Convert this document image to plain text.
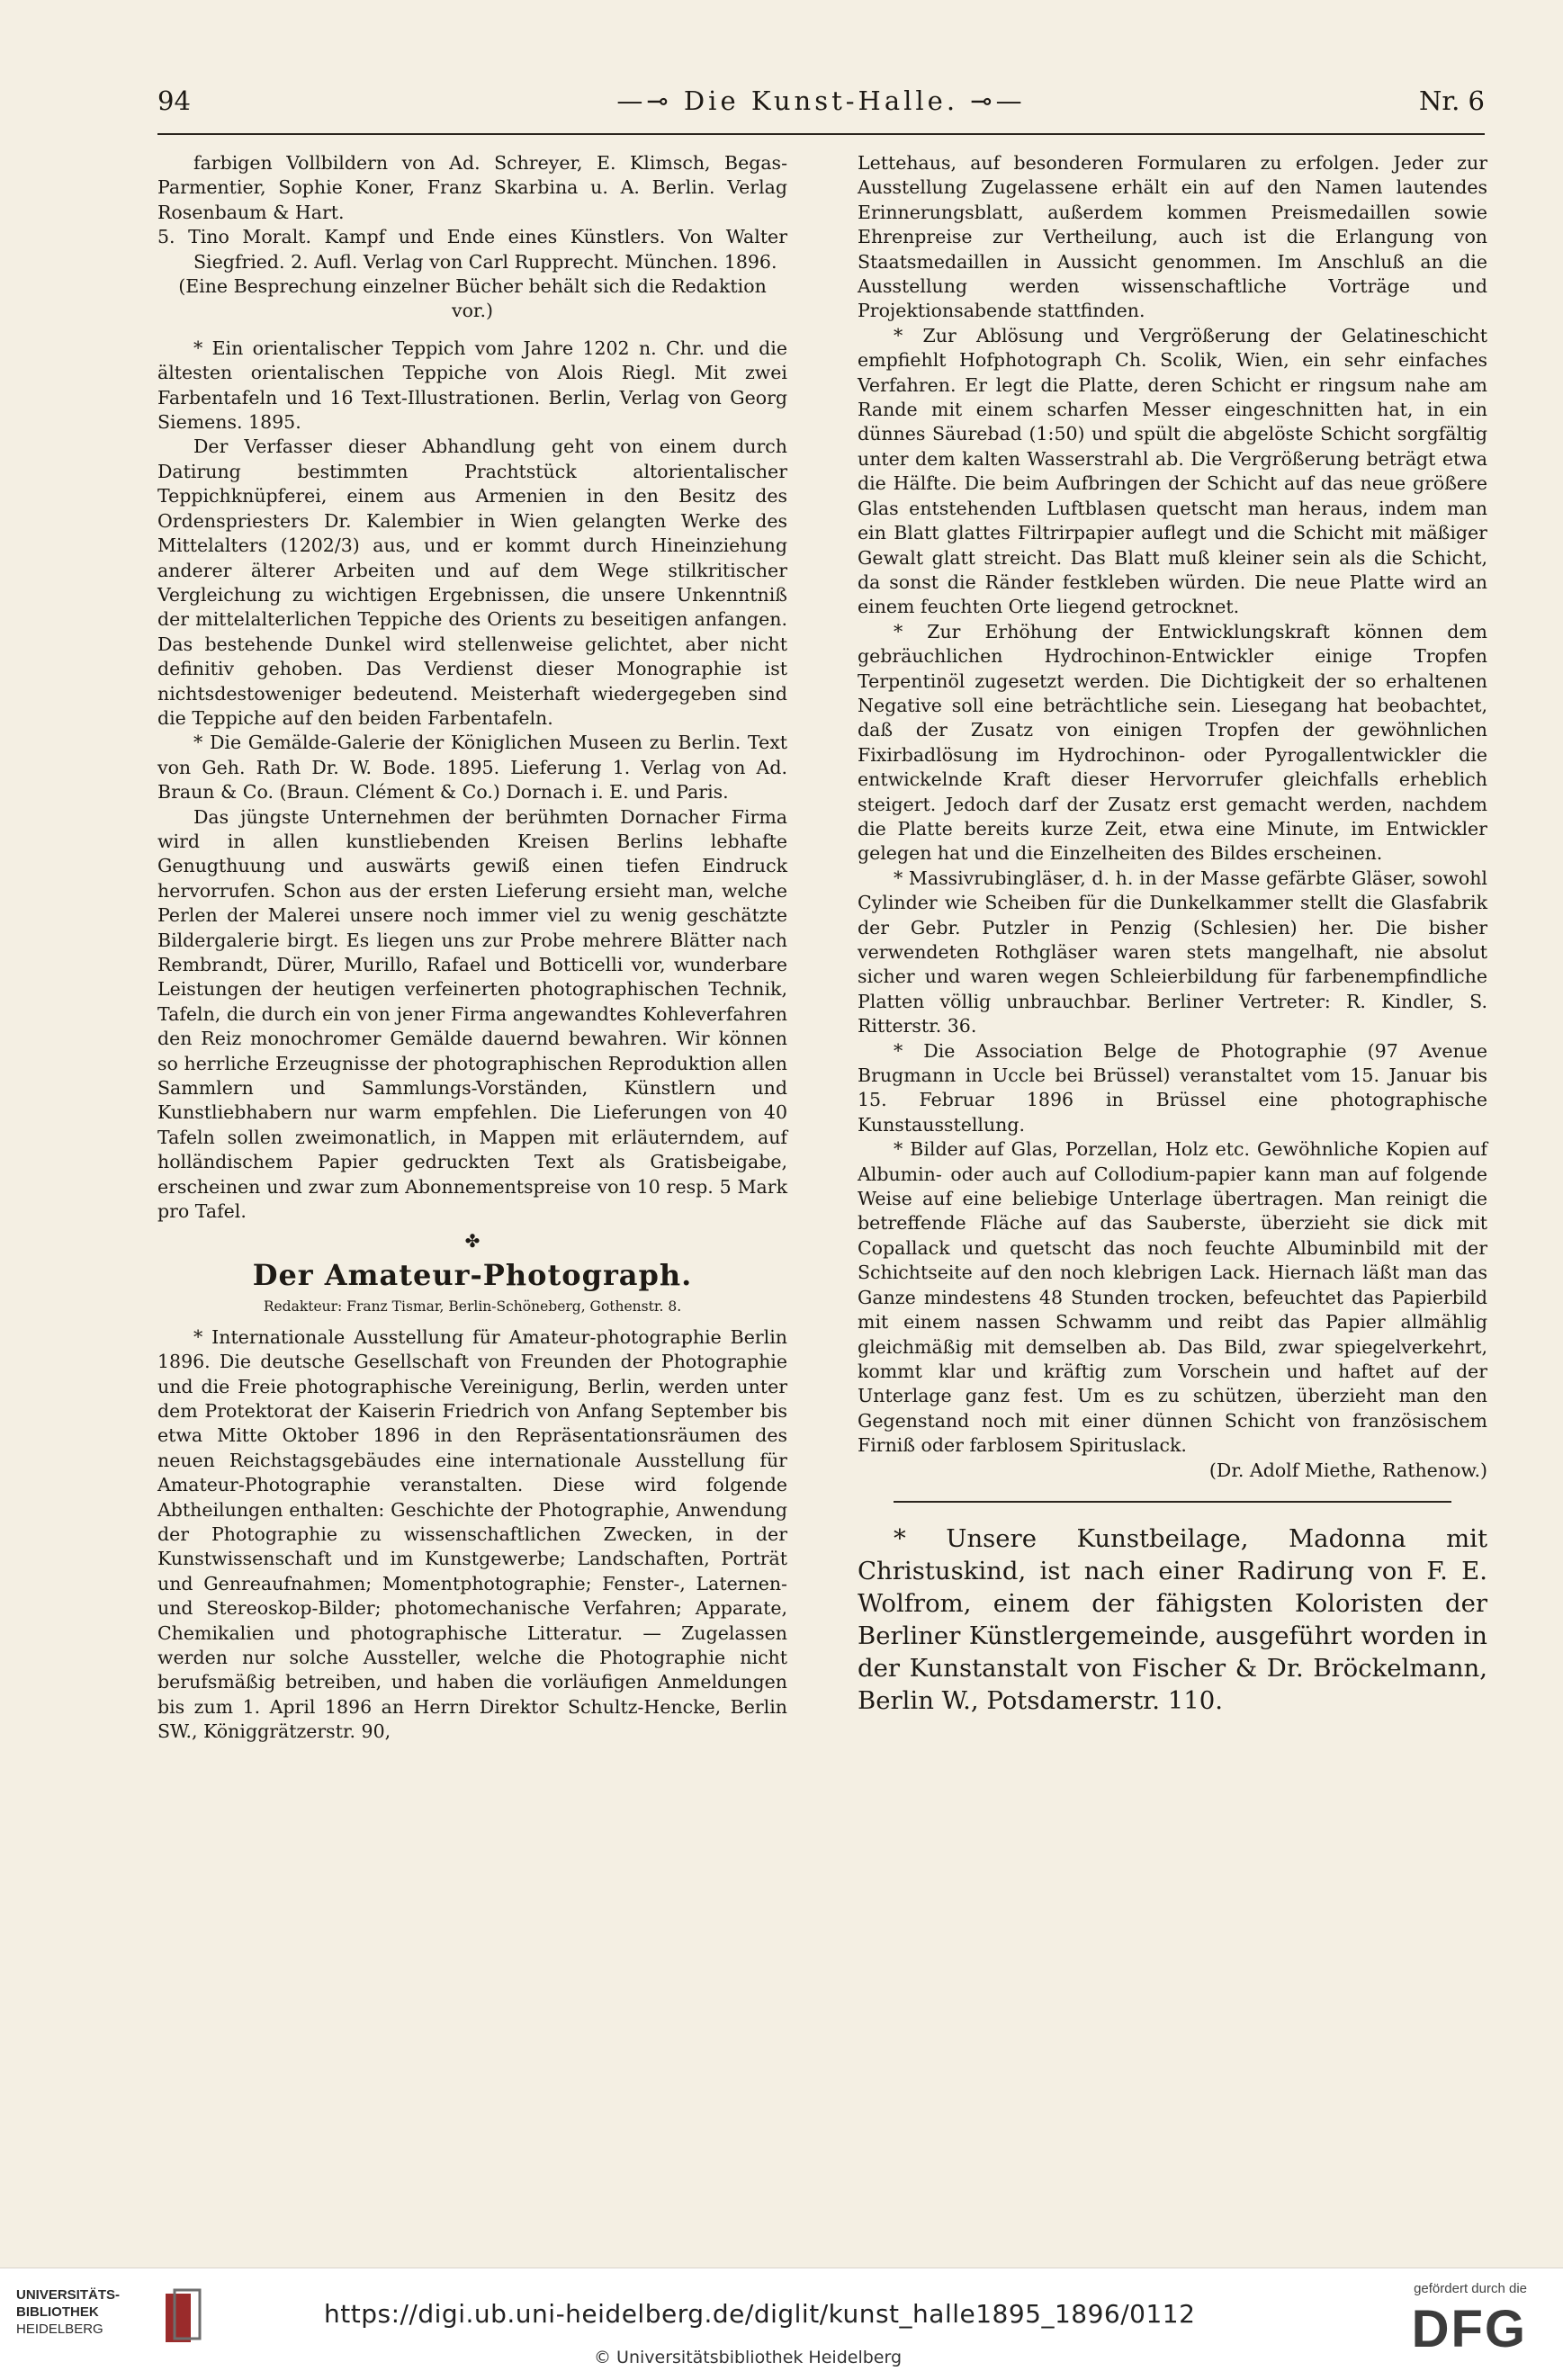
94	—⊸ Die Kunst-Halle. ⊸—	Nr. 6

farbigen Vollbildern von Ad. Schreyer, E. Klimsch, Begas-Parmentier, Sophie Koner, Franz Skarbina u. A. Berlin. Verlag Rosenbaum & Hart.

5. Tino Moralt. Kampf und Ende eines Künstlers. Von Walter Siegfried. 2. Aufl. Verlag von Carl Rupprecht. München. 1896.

(Eine Besprechung einzelner Bücher behält sich die Redaktion vor.)

* Ein orientalischer Teppich vom Jahre 1202 n. Chr. und die ältesten orientalischen Teppiche von Alois Riegl. Mit zwei Farbentafeln und 16 Text-Illustrationen. Berlin, Verlag von Georg Siemens. 1895.

Der Verfasser dieser Abhandlung geht von einem durch Datirung bestimmten Prachtstück altorientalischer Teppichknüpferei, einem aus Armenien in den Besitz des Ordenspriesters Dr. Kalembier in Wien gelangten Werke des Mittelalters (1202/3) aus, und er kommt durch Hineinziehung anderer älterer Arbeiten und auf dem Wege stilkritischer Vergleichung zu wichtigen Ergebnissen, die unsere Unkenntniß der mittelalterlichen Teppiche des Orients zu beseitigen anfangen. Das bestehende Dunkel wird stellenweise gelichtet, aber nicht definitiv gehoben. Das Verdienst dieser Monographie ist nichtsdestoweniger bedeutend. Meisterhaft wiedergegeben sind die Teppiche auf den beiden Farbentafeln.

* Die Gemälde-Galerie der Königlichen Museen zu Berlin. Text von Geh. Rath Dr. W. Bode. 1895. Lieferung 1. Verlag von Ad. Braun & Co. (Braun. Clément & Co.) Dornach i. E. und Paris.

Das jüngste Unternehmen der berühmten Dornacher Firma wird in allen kunstliebenden Kreisen Berlins lebhafte Genugthuung und auswärts gewiß einen tiefen Eindruck hervorrufen. Schon aus der ersten Lieferung ersieht man, welche Perlen der Malerei unsere noch immer viel zu wenig geschätzte Bildergalerie birgt. Es liegen uns zur Probe mehrere Blätter nach Rembrandt, Dürer, Murillo, Rafael und Botticelli vor, wunderbare Leistungen der heutigen verfeinerten photographischen Technik, Tafeln, die durch ein von jener Firma angewandtes Kohleverfahren den Reiz monochromer Gemälde dauernd bewahren. Wir können so herrliche Erzeugnisse der photographischen Reproduktion allen Sammlern und Sammlungs-Vorständen, Künstlern und Kunstliebhabern nur warm empfehlen. Die Lieferungen von 40 Tafeln sollen zweimonatlich, in Mappen mit erläuterndem, auf holländischem Papier gedruckten Text als Gratisbeigabe, erscheinen und zwar zum Abonnementspreise von 10 resp. 5 Mark pro Tafel.

✤
Der Amateur-Photograph.
Redakteur: Franz Tismar, Berlin-Schöneberg, Gothenstr. 8.

* Internationale Ausstellung für Amateur-photographie Berlin 1896. Die deutsche Gesellschaft von Freunden der Photographie und die Freie photographische Vereinigung, Berlin, werden unter dem Protektorat der Kaiserin Friedrich von Anfang September bis etwa Mitte Oktober 1896 in den Repräsentationsräumen des neuen Reichstagsgebäudes eine internationale Ausstellung für Amateur-Photographie veranstalten. Diese wird folgende Abtheilungen enthalten: Geschichte der Photographie, Anwendung der Photographie zu wissenschaftlichen Zwecken, in der Kunstwissenschaft und im Kunstgewerbe; Landschaften, Porträt und Genreaufnahmen; Momentphotographie; Fenster-, Laternen- und Stereoskop-Bilder; photomechanische Verfahren; Apparate, Chemikalien und photographische Litteratur. — Zugelassen werden nur solche Aussteller, welche die Photographie nicht berufsmäßig betreiben, und haben die vorläufigen Anmeldungen bis zum 1. April 1896 an Herrn Direktor Schultz-Hencke, Berlin SW., Königgrätzerstr. 90,

Lettehaus, auf besonderen Formularen zu erfolgen. Jeder zur Ausstellung Zugelassene erhält ein auf den Namen lautendes Erinnerungsblatt, außerdem kommen Preismedaillen sowie Ehrenpreise zur Vertheilung, auch ist die Erlangung von Staatsmedaillen in Aussicht genommen. Im Anschluß an die Ausstellung werden wissenschaftliche Vorträge und Projektionsabende stattfinden.

* Zur Ablösung und Vergrößerung der Gelatineschicht empfiehlt Hofphotograph Ch. Scolik, Wien, ein sehr einfaches Verfahren. Er legt die Platte, deren Schicht er ringsum nahe am Rande mit einem scharfen Messer eingeschnitten hat, in ein dünnes Säurebad (1:50) und spült die abgelöste Schicht sorgfältig unter dem kalten Wasserstrahl ab. Die Vergrößerung beträgt etwa die Hälfte. Die beim Aufbringen der Schicht auf das neue größere Glas entstehenden Luftblasen quetscht man heraus, indem man ein Blatt glattes Filtrirpapier auflegt und die Schicht mit mäßiger Gewalt glatt streicht. Das Blatt muß kleiner sein als die Schicht, da sonst die Ränder festkleben würden. Die neue Platte wird an einem feuchten Orte liegend getrocknet.

* Zur Erhöhung der Entwicklungskraft können dem gebräuchlichen Hydrochinon-Entwickler einige Tropfen Terpentinöl zugesetzt werden. Die Dichtigkeit der so erhaltenen Negative soll eine beträchtliche sein. Liesegang hat beobachtet, daß der Zusatz von einigen Tropfen der gewöhnlichen Fixirbadlösung im Hydrochinon- oder Pyrogallentwickler die entwickelnde Kraft dieser Hervorrufer gleichfalls erheblich steigert. Jedoch darf der Zusatz erst gemacht werden, nachdem die Platte bereits kurze Zeit, etwa eine Minute, im Entwickler gelegen hat und die Einzelheiten des Bildes erscheinen.

* Massivrubingläser, d. h. in der Masse gefärbte Gläser, sowohl Cylinder wie Scheiben für die Dunkelkammer stellt die Glasfabrik der Gebr. Putzler in Penzig (Schlesien) her. Die bisher verwendeten Rothgläser waren stets mangelhaft, nie absolut sicher und waren wegen Schleierbildung für farbenempfindliche Platten völlig unbrauchbar. Berliner Vertreter: R. Kindler, S. Ritterstr. 36.

* Die Association Belge de Photographie (97 Avenue Brugmann in Uccle bei Brüssel) veranstaltet vom 15. Januar bis 15. Februar 1896 in Brüssel eine photographische Kunstausstellung.

* Bilder auf Glas, Porzellan, Holz etc. Gewöhnliche Kopien auf Albumin- oder auch auf Collodium-papier kann man auf folgende Weise auf eine beliebige Unterlage übertragen. Man reinigt die betreffende Fläche auf das Sauberste, überzieht sie dick mit Copallack und quetscht das noch feuchte Albuminbild mit der Schichtseite auf den noch klebrigen Lack. Hiernach läßt man das Ganze mindestens 48 Stunden trocken, befeuchtet das Papierbild mit einem nassen Schwamm und reibt das Papier allmählig gleichmäßig mit demselben ab. Das Bild, zwar spiegelverkehrt, kommt klar und kräftig zum Vorschein und haftet auf der Unterlage ganz fest. Um es zu schützen, überzieht man den Gegenstand noch mit einer dünnen Schicht von französischem Firniß oder farblosem Spirituslack.

(Dr. Adolf Miethe, Rathenow.)

* Unsere Kunstbeilage, Madonna mit Christuskind, ist nach einer Radirung von F. E. Wolfrom, einem der fähigsten Koloristen der Berliner Künstlergemeinde, ausgeführt worden in der Kunstanstalt von Fischer & Dr. Bröckelmann, Berlin W., Potsdamerstr. 110.

UNIVERSITÄTS-
BIBLIOTHEK
HEIDELBERG
https://digi.ub.uni-heidelberg.de/diglit/kunst_halle1895_1896/0112
© Universitätsbibliothek Heidelberg
gefördert durch die
DFG
